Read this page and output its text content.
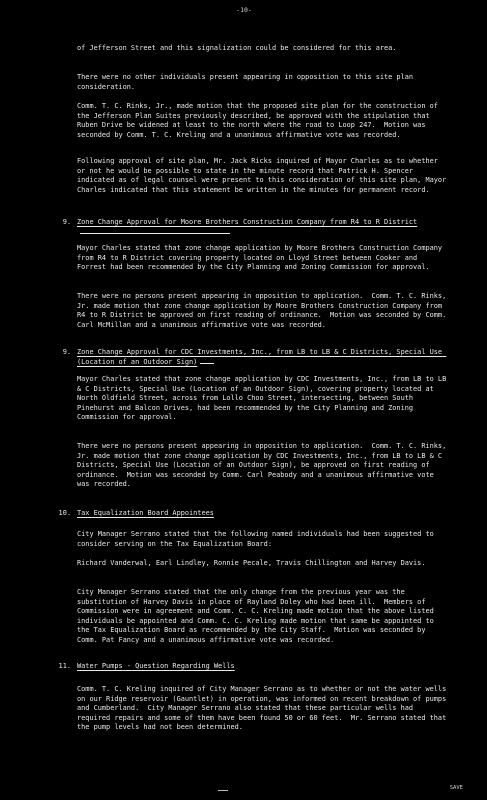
-10-

of Jefferson Street and this signalization could be considered for this area.

There were no other individuals present appearing in opposition to this site plan consideration.

Comm. T. C. Rinks, Jr., made motion that the proposed site plan for the construction of the Jefferson Plan Suites previously described, be approved with the stipulation that Ruben Drive be widened at least to the north where the road to Loop 247.  Motion was seconded by Comm. T. C. Kreling and a unanimous affirmative vote was recorded.

Following approval of site plan, Mr. Jack Ricks inquired of Mayor Charles as to whether or not he would be possible to state in the minute record that Patrick H. Spencer indicated as of legal counsel were present to this consideration of this site plan, Mayor Charles indicated that this statement be written in the minutes for permanent record.

9. Zone Change Approval for Moore Brothers Construction Company from R4 to R District

Mayor Charles stated that zone change application by Moore Brothers Construction Company from R4 to R District covering property located on Lloyd Street between Cooker and Forrest had been recommended by the City Planning and Zoning Commission for approval.

There were no persons present appearing in opposition to application.  Comm. T. C. Rinks, Jr. made motion that zone change application by Moore Brothers Construction Company from R4 to R District be approved on first reading of ordinance.  Motion was seconded by Comm. Carl McMillan and a unanimous affirmative vote was recorded.

9. Zone Change Approval for CDC Investments, Inc., from LB to LB & C Districts, Special Use (Location of an Outdoor Sign)

Mayor Charles stated that zone change application by CDC Investments, Inc., from LB to LB & C Districts, Special Use (Location of an Outdoor Sign), covering property located at North Oldfield Street, across from Lollo Choo Street, intersecting, between South Pinehurst and Balcon Drives, had been recommended by the City Planning and Zoning Commission for approval.

There were no persons present appearing in opposition to application.  Comm. T. C. Rinks, Jr. made motion that zone change application by CDC Investments, Inc., from LB to LB & C Districts, Special Use (Location of an Outdoor Sign), be approved on first reading of ordinance.  Motion was seconded by Comm. Carl Peabody and a unanimous affirmative vote was recorded.

10. Tax Equalization Board Appointees

City Manager Serrano stated that the following named individuals had been suggested to consider serving on the Tax Equalization Board:

Richard Vanderwal, Earl Lindley, Ronnie Pecale, Travis Chillington and Harvey Davis.

City Manager Serrano stated that the only change from the previous year was the substitution of Harvey Davis in place of Rayland Doley who had been ill.  Members of Commission were in agreement and Comm. C. C. Kreling made motion that the above listed individuals be appointed and Comm. C. C. Kreling made motion that same be appointed to the Tax Equalization Board as recommended by the City Staff.  Motion was seconded by Comm. Pat Fancy and a unanimous affirmative vote was recorded.

11. Water Pumps - Question Regarding Wells

Comm. T. C. Kreling inquired of City Manager Serrano as to whether or not the water wells on our Ridge reservoir (Gauntlet) in operation, was informed on recent breakdown of pumps and Cumberland.  City Manager Serrano also stated that these particular wells had required repairs and some of them have been found 50 or 60 feet.  Mr. Serrano stated that the pump levels had not been determined.

SAVE
